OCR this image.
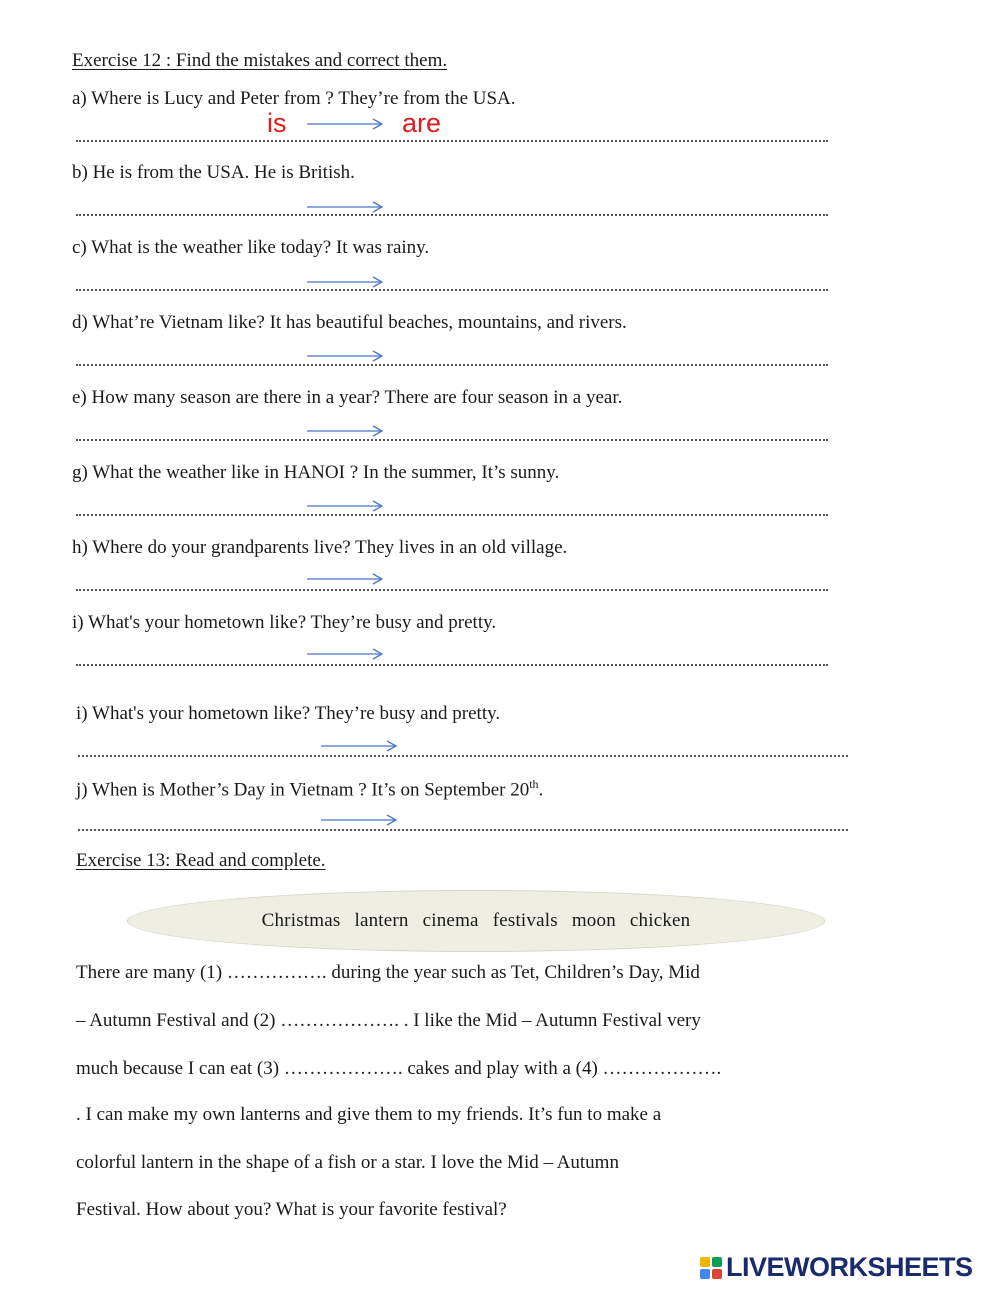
Exercise 12 : Find the mistakes and correct them.
a) Where is Lucy and Peter from ? They’re from the USA.
is	are
b) He is from the USA. He is British.
c) What is the weather like today? It was rainy.
d) What’re Vietnam like? It has beautiful beaches, mountains, and rivers.
e) How many season are there in a year? There are four season in a year.
g) What the weather like in HANOI ? In the summer, It’s sunny.
h) Where do your grandparents live? They lives in an old village.
i) What's your hometown like? They’re busy and pretty.
i) What's your hometown like? They’re busy and pretty.
j) When is Mother’s Day in Vietnam ? It’s on September 20th.
Exercise 13: Read and complete.
Christmas lantern cinema festivals moon chicken
There are many (1) ……………. during the year such as Tet, Children’s Day, Mid
– Autumn Festival and (2) ………………. . I like the Mid – Autumn Festival very
much because I can eat (3) ………………. cakes and play with a (4) ……………….
. I can make my own lanterns and give them to my friends. It’s fun to make a
colorful lantern in the shape of a fish or a star. I love the Mid – Autumn
Festival. How about you? What is your favorite festival?
LIVEWORKSHEETS
